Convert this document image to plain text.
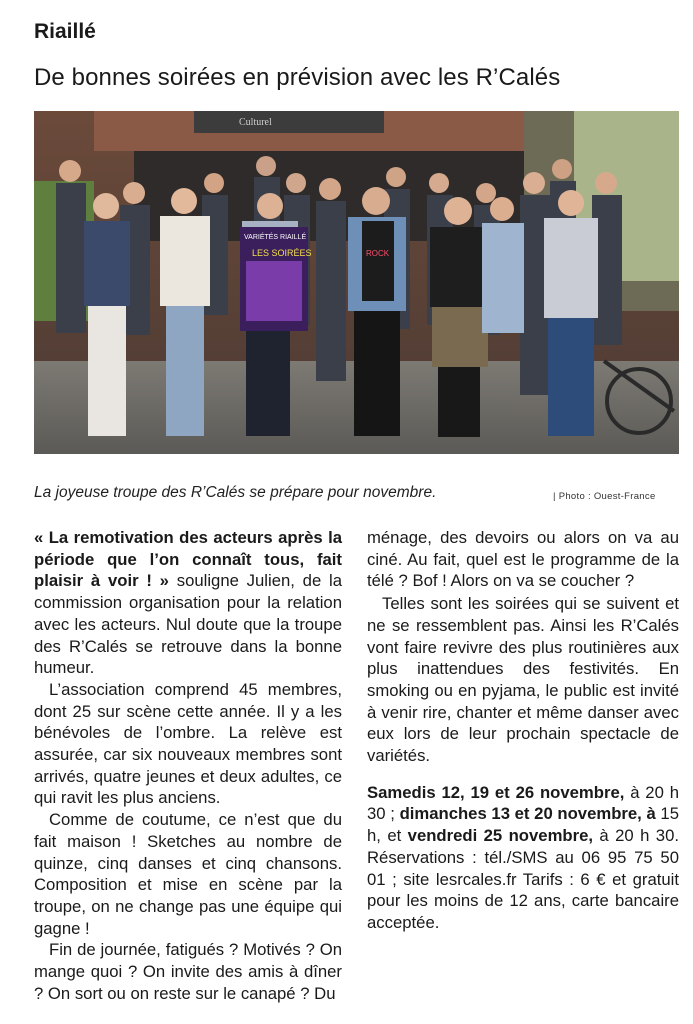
Riaillé
De bonnes soirées en prévision avec les R’Calés
Culturel
VARIÉTÉS RIAILLÉ
LES SOIRÉES	ROCK
La joyeuse troupe des R’Calés se prépare pour novembre.	| Photo : Ouest-France

« La remotivation des acteurs après la période que l’on connaît tous, fait plaisir à voir ! » souligne Julien, de la commission organisation pour la relation avec les acteurs. Nul doute que la troupe des R’Calés se retrouve dans la bonne humeur.

L’association comprend 45 membres, dont 25 sur scène cette année. Il y a les bénévoles de l’ombre. La relève est assurée, car six nouveaux membres sont arrivés, quatre jeunes et deux adultes, ce qui ravit les plus anciens.

Comme de coutume, ce n’est que du fait maison ! Sketches au nombre de quinze, cinq danses et cinq chansons. Composition et mise en scène par la troupe, on ne change pas une équipe qui gagne !

Fin de journée, fatigués ? Motivés ? On mange quoi ? On invite des amis à dîner ? On sort ou on reste sur le canapé ? Du

ménage, des devoirs ou alors on va au ciné. Au fait, quel est le programme de la télé ? Bof ! Alors on va se coucher ?

Telles sont les soirées qui se suivent et ne se ressemblent pas. Ainsi les R’Calés vont faire revivre des plus routinières aux plus inattendues des festivités. En smoking ou en pyjama, le public est invité à venir rire, chanter et même danser avec eux lors de leur prochain spectacle de variétés.

Samedis 12, 19 et 26 novembre, à 20 h 30 ; dimanches 13 et 20 novembre, à 15 h, et vendredi 25 novembre, à 20 h 30. Réservations : tél./SMS au 06 95 75 50 01 ; site lesrcales.fr Tarifs : 6 € et gratuit pour les moins de 12 ans, carte bancaire acceptée.
